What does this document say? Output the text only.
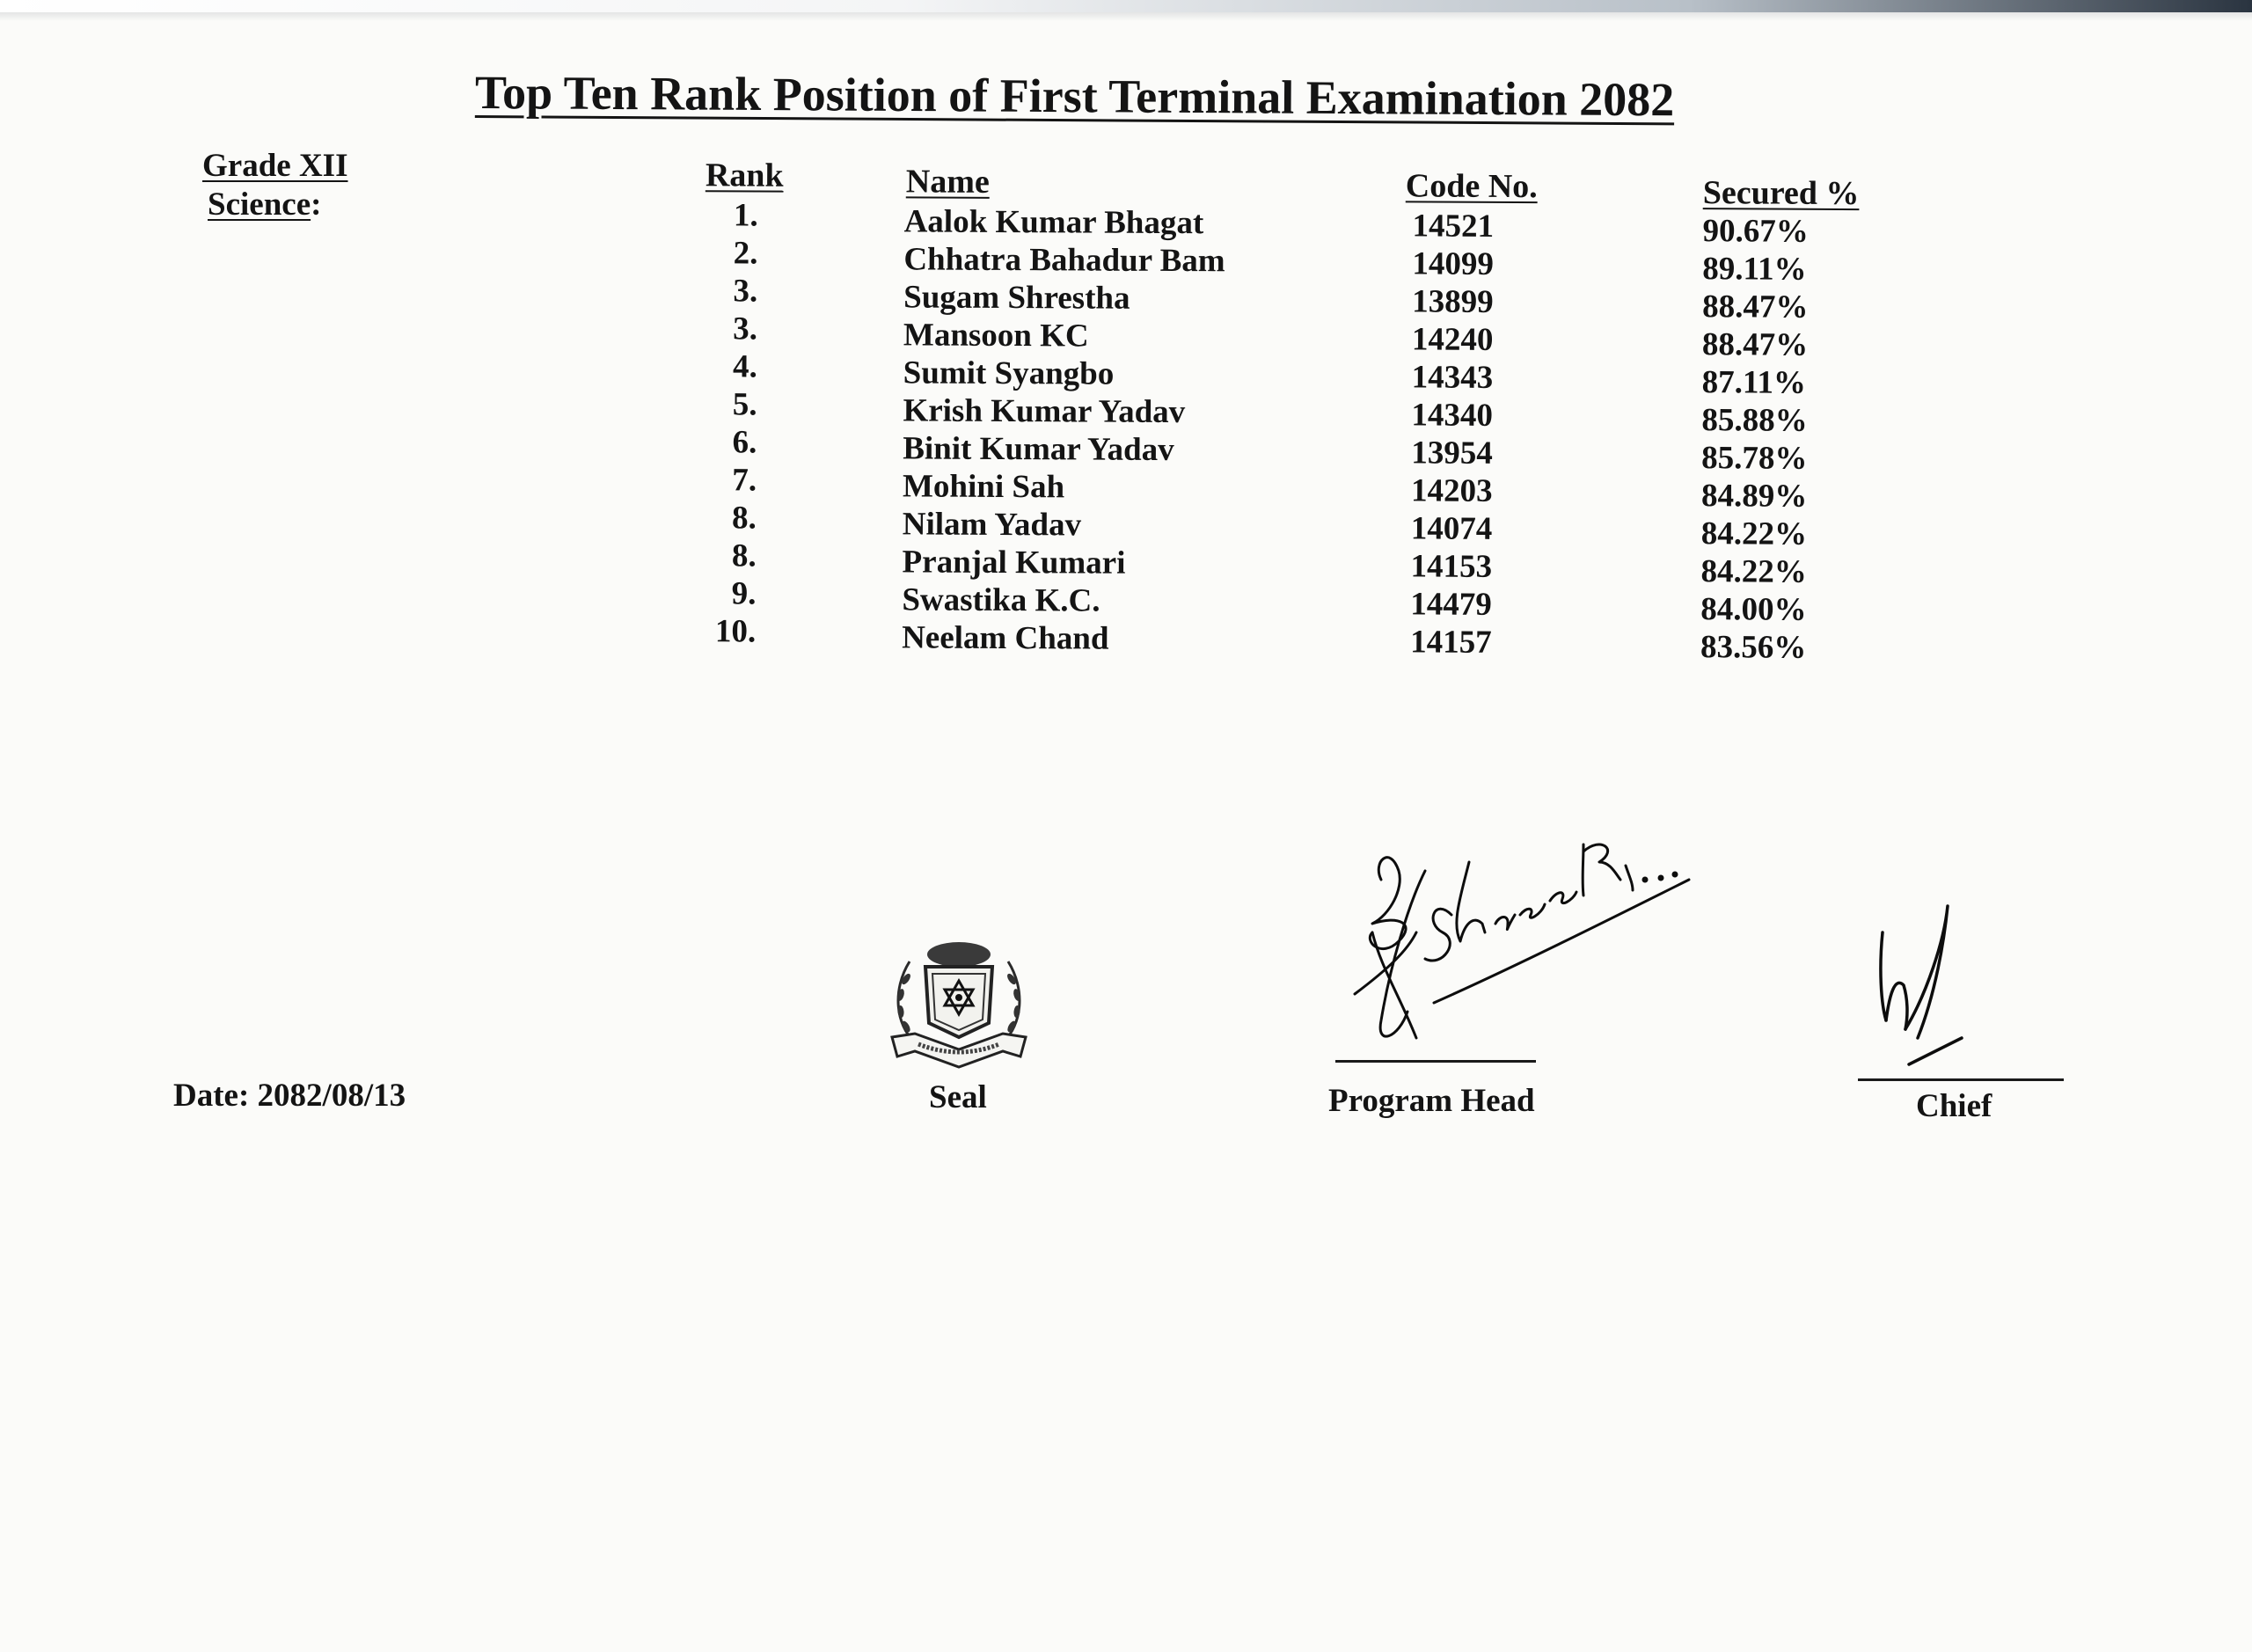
Top Ten Rank Position of First Terminal Examination 2082
Grade XII
Science:
Rank	Name	Code No.	Secured %
1.	Aalok Kumar Bhagat	14521	90.67%
2.	Chhatra Bahadur Bam	14099	89.11%
3.	Sugam Shrestha	13899	88.47%
3.	Mansoon KC	14240	88.47%
4.	Sumit Syangbo	14343	87.11%
5.	Krish Kumar Yadav	14340	85.88%
6.	Binit Kumar Yadav	13954	85.78%
7.	Mohini Sah	14203	84.89%
8.	Nilam Yadav	14074	84.22%
8.	Pranjal Kumari	14153	84.22%
9.	Swastika K.C.	14479	84.00%
10.	Neelam Chand	14157	83.56%
Seal
Date: 2082/08/13	Program Head	Chief
